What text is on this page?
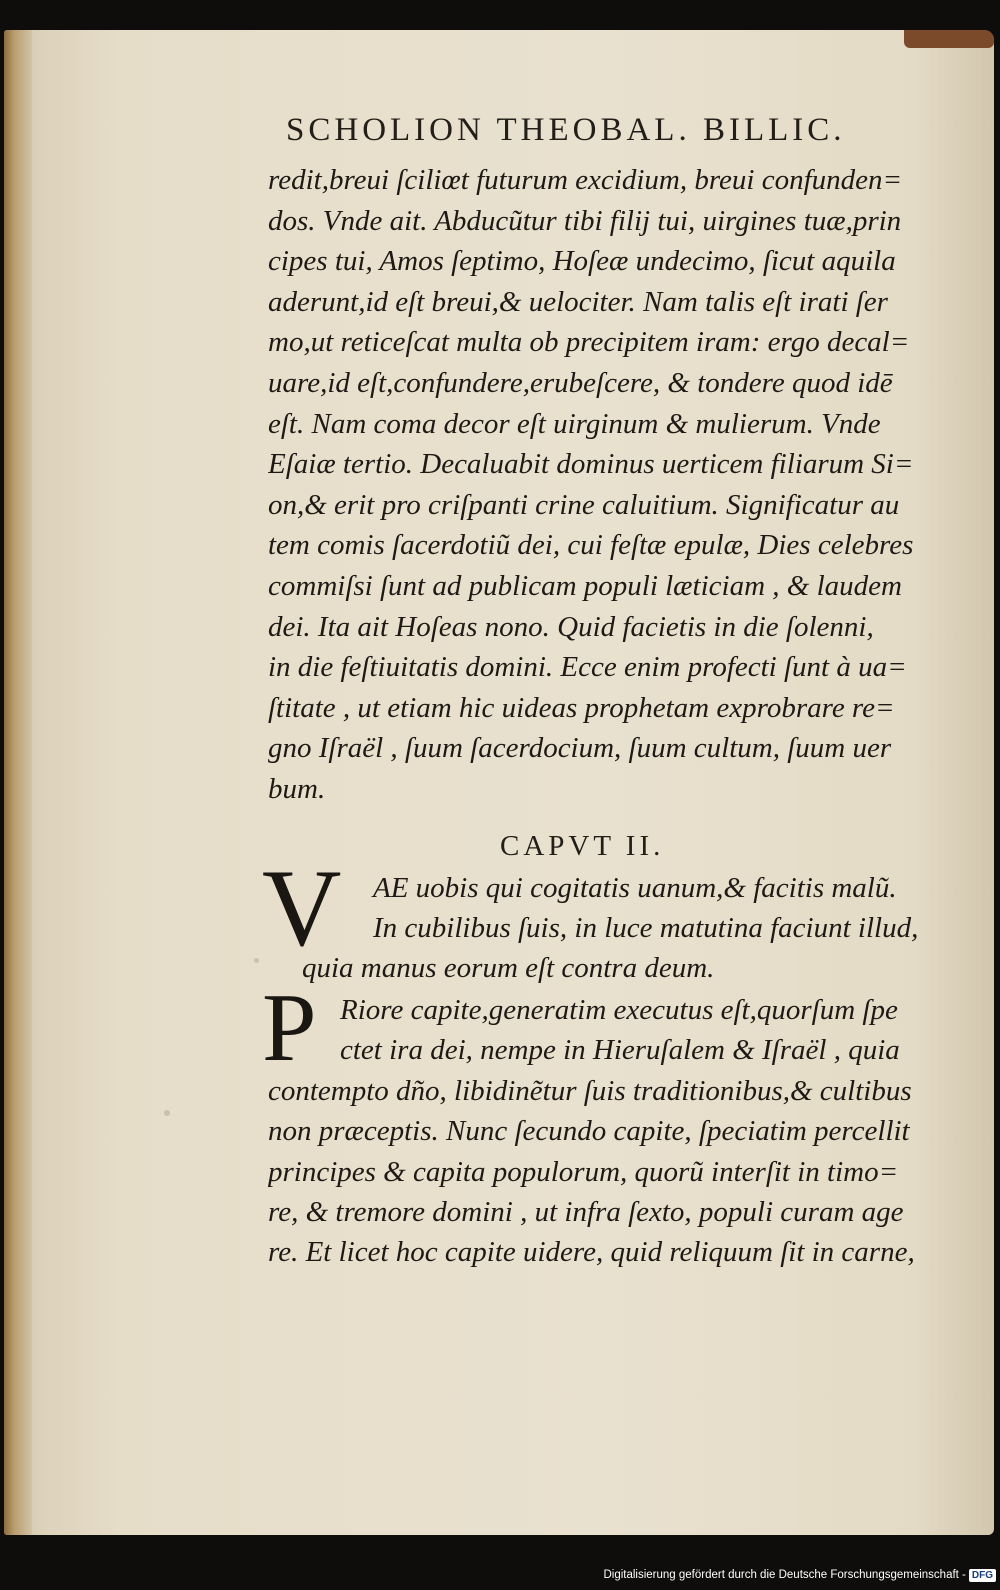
SCHOLION THEOBAL. BILLIC.
redit,breui ſciliœt futurum excidium, breui confunden=
dos. Vnde ait. Abducũtur tibi filij tui, uirgines tuæ,prin
cipes tui, Amos ſeptimo, Hoſeæ undecimo, ſicut aquila
aderunt,id eſt breui,& uelociter. Nam talis eſt irati ſer
mo,ut reticeſcat multa ob precipitem iram: ergo decal=
uare,id eſt,confundere,erubeſcere, & tondere quod idē
eſt. Nam coma decor eſt uirginum & mulierum. Vnde
Eſaiæ tertio. Decaluabit dominus uerticem filiarum Si=
on,& erit pro criſpanti crine caluitium. Significatur au
tem comis ſacerdotiũ dei, cui feſtæ epulæ, Dies celebres
commiſsi ſunt ad publicam populi læticiam , & laudem
dei. Ita ait Hoſeas nono. Quid facietis in die ſolenni,
in die feſtiuitatis domini. Ecce enim profecti ſunt à ua=
ſtitate , ut etiam hic uideas prophetam exprobrare re=
gno Iſraël , ſuum ſacerdocium, ſuum cultum, ſuum uer
bum.
CAPVT II.
V	AE uobis qui cogitatis uanum,& facitis malũ.
In cubilibus ſuis, in luce matutina faciunt illud,
quia manus eorum eſt contra deum.
P Riore capite,generatim executus eſt,quorſum ſpe
ctet ira dei, nempe in Hieruſalem & Iſraël , quia
contempto dño, libidinẽtur ſuis traditionibus,& cultibus
non præceptis. Nunc ſecundo capite, ſpeciatim percellit
principes & capita populorum, quorũ interſit in timo=
re, & tremore domini , ut infra ſexto, populi curam age
re. Et licet hoc capite uidere, quid reliquum ſit in carne,
Digitalisierung gefördert durch die Deutsche Forschungsgemeinschaft - DFG
